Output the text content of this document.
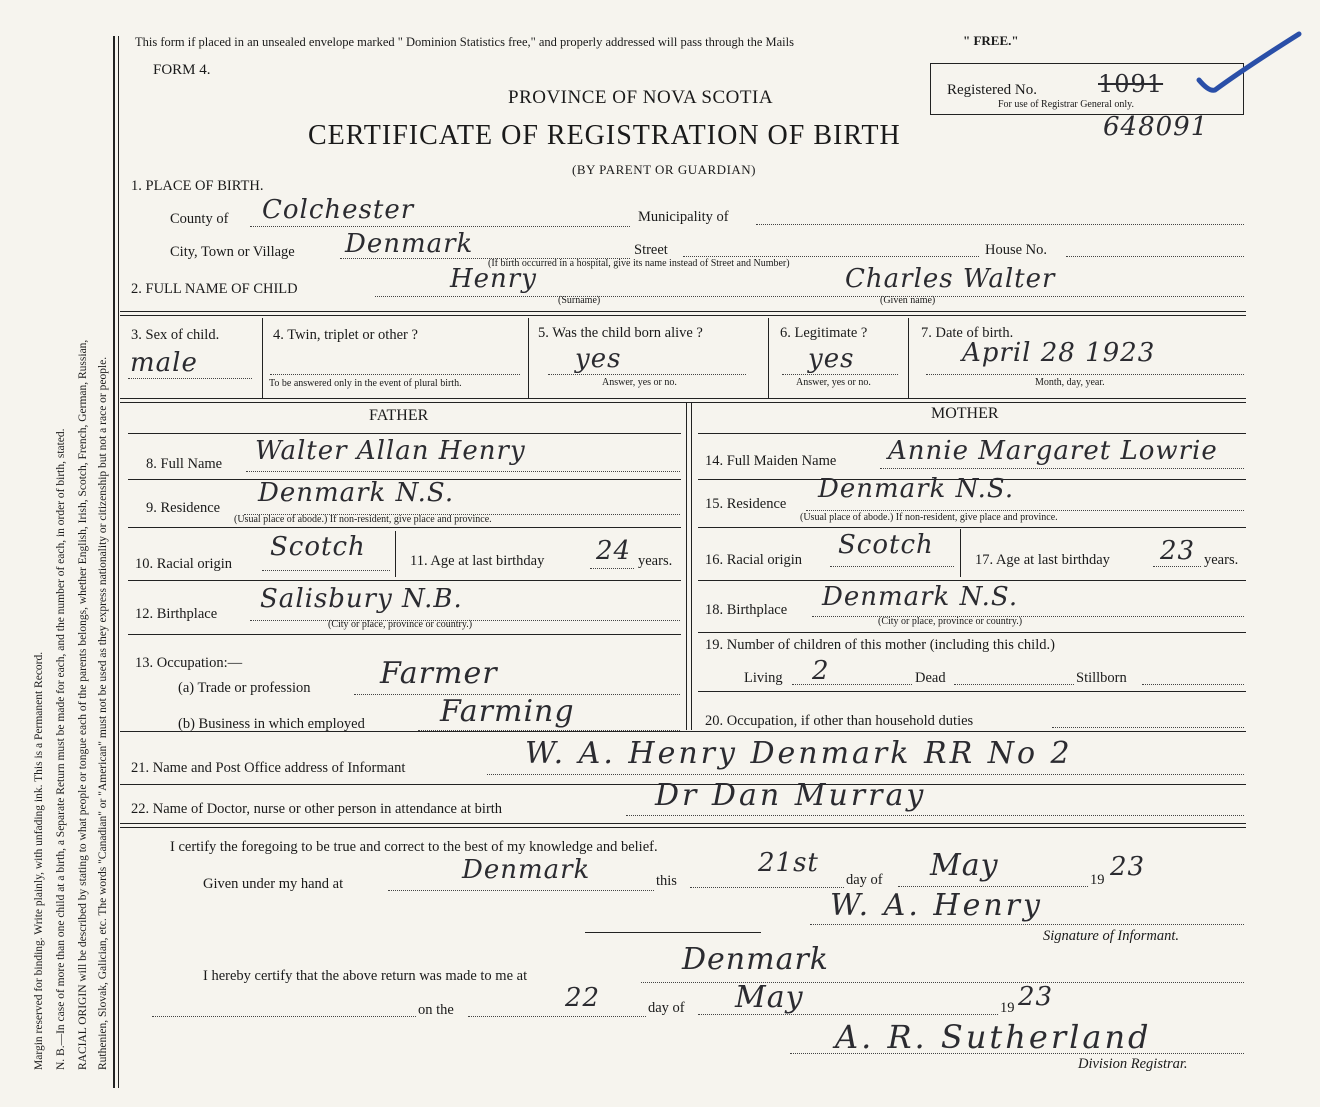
Margin reserved for binding. Write plainly, with unfading ink. This is a Permanent Record. N. B.—In case of more than one child at a birth, a Separate Return must be made for each, and the number of each, in order of birth, stated. RACIAL ORIGIN will be described by stating to what people or tongue each of the parents belongs, whether English, Irish, Scotch, French, German, Russian, Ruthenien, Slovak, Galician, etc. The words "Canadian" or "American" must not be used as they express nationality or citizenship but not a race or people.
This form if placed in an unsealed envelope marked " Dominion Statistics free," and properly addressed will pass through the Mails	" FREE."
FORM 4.
PROVINCE OF NOVA SCOTIA
CERTIFICATE OF REGISTRATION OF BIRTH
(BY PARENT OR GUARDIAN)
Registered No.	1091
For use of Registrar General only.
648091
1. PLACE OF BIRTH.
County of Colchester	Municipality of
City, Town or Village Denmark	Street	House No.
(If birth occurred in a hospital, give its name instead of Street and Number)
2. FULL NAME OF CHILD	Henry
(Surname)
Charles Walter
(Given name)
3. Sex of child.
male
4. Twin, triplet or other ?
To be answered only in the event of plural birth.
5. Was the child born alive ?
yes
Answer, yes or no.
6. Legitimate ?
yes
Answer, yes or no.
7. Date of birth.
April 28 1923
Month, day, year.
FATHER	MOTHER
8. Full Name Walter Allan Henry
9. Residence Denmark N.S.
(Usual place of abode.) If non-resident, give place and province.
10. Racial origin
Scotch	11. Age at last birthday 24 years.
12. Birthplace Salisbury N.B.
(City or place, province or country.)
13. Occupation:—
(a) Trade or profession Farmer
(b) Business in which employed	Farming
14. Full Maiden Name Annie Margaret Lowrie
15. Residence Denmark N.S.
(Usual place of abode.) If non-resident, give place and province.
16. Racial origin Scotch	17. Age at last birthday 23 years.
18. Birthplace Denmark N.S.
(City or place, province or country.)
19. Number of children of this mother (including this child.)
Living 2	Dead	Stillborn
20. Occupation, if other than household duties
21. Name and Post Office address of Informant	W. A. Henry Denmark RR No 2
22. Name of Doctor, nurse or other person in attendance at birth	Dr Dan Murray
I certify the foregoing to be true and correct to the best of my knowledge and belief.
Given under my hand at	Denmark	this
21st
day of May	19 23
W. A. Henry
Signature of Informant.
I hereby certify that the above return was made to me at	Denmark
on the	22	day of May	19 23
A. R. Sutherland
Division Registrar.
